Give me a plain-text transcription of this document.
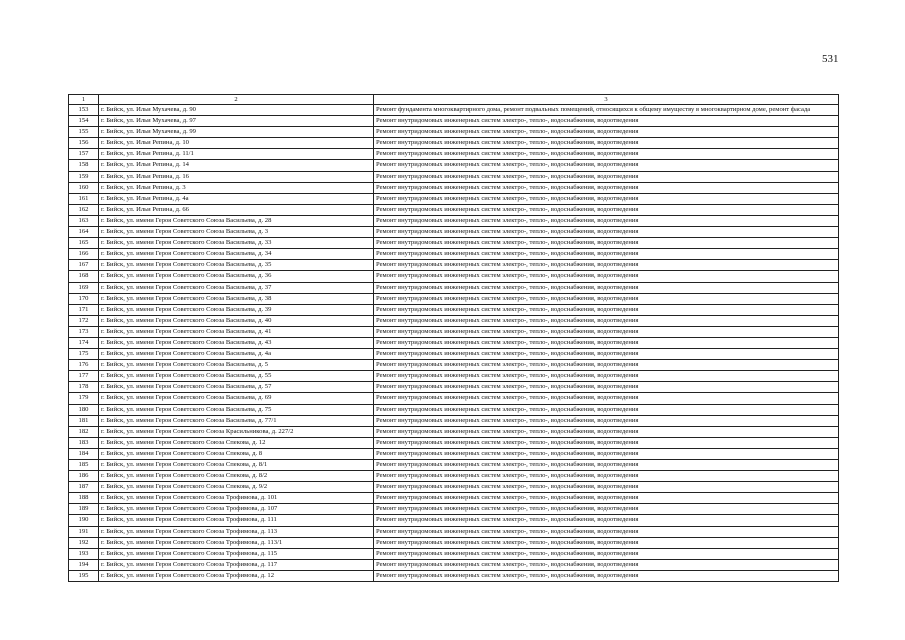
531
1	2	3
153	г. Бийск, ул. Ильи Мухачева, д. 90	Ремонт фундамента многоквартирного дома, ремонт подвальных помещений, относящихся к общему имуществу в многоквартирном доме, ремонт фасада
154	г. Бийск, ул. Ильи Мухачева, д. 97	Ремонт внутридомовых инженерных систем электро-, тепло-, водоснабжения, водоотведения
155	г. Бийск, ул. Ильи Мухачева, д. 99	Ремонт внутридомовых инженерных систем электро-, тепло-, водоснабжения, водоотведения
156	г. Бийск, ул. Ильи Репина, д. 10	Ремонт внутридомовых инженерных систем электро-, тепло-, водоснабжения, водоотведения
157	г. Бийск, ул. Ильи Репина, д. 11/1	Ремонт внутридомовых инженерных систем электро-, тепло-, водоснабжения, водоотведения
158	г. Бийск, ул. Ильи Репина, д. 14	Ремонт внутридомовых инженерных систем электро-, тепло-, водоснабжения, водоотведения
159	г. Бийск, ул. Ильи Репина, д. 16	Ремонт внутридомовых инженерных систем электро-, тепло-, водоснабжения, водоотведения
160	г. Бийск, ул. Ильи Репина, д. 3	Ремонт внутридомовых инженерных систем электро-, тепло-, водоснабжения, водоотведения
161	г. Бийск, ул. Ильи Репина, д. 4а	Ремонт внутридомовых инженерных систем электро-, тепло-, водоснабжения, водоотведения
162	г. Бийск, ул. Ильи Репина, д. 66	Ремонт внутридомовых инженерных систем электро-, тепло-, водоснабжения, водоотведения
163	г. Бийск, ул. имени Героя Советского Союза Васильева, д. 28	Ремонт внутридомовых инженерных систем электро-, тепло-, водоснабжения, водоотведения
164	г. Бийск, ул. имени Героя Советского Союза Васильева, д. 3	Ремонт внутридомовых инженерных систем электро-, тепло-, водоснабжения, водоотведения
165	г. Бийск, ул. имени Героя Советского Союза Васильева, д. 33	Ремонт внутридомовых инженерных систем электро-, тепло-, водоснабжения, водоотведения
166	г. Бийск, ул. имени Героя Советского Союза Васильева, д. 34	Ремонт внутридомовых инженерных систем электро-, тепло-, водоснабжения, водоотведения
167	г. Бийск, ул. имени Героя Советского Союза Васильева, д. 35	Ремонт внутридомовых инженерных систем электро-, тепло-, водоснабжения, водоотведения
168	г. Бийск, ул. имени Героя Советского Союза Васильева, д. 36	Ремонт внутридомовых инженерных систем электро-, тепло-, водоснабжения, водоотведения
169	г. Бийск, ул. имени Героя Советского Союза Васильева, д. 37	Ремонт внутридомовых инженерных систем электро-, тепло-, водоснабжения, водоотведения
170	г. Бийск, ул. имени Героя Советского Союза Васильева, д. 38	Ремонт внутридомовых инженерных систем электро-, тепло-, водоснабжения, водоотведения
171	г. Бийск, ул. имени Героя Советского Союза Васильева, д. 39	Ремонт внутридомовых инженерных систем электро-, тепло-, водоснабжения, водоотведения
172	г. Бийск, ул. имени Героя Советского Союза Васильева, д. 40	Ремонт внутридомовых инженерных систем электро-, тепло-, водоснабжения, водоотведения
173	г. Бийск, ул. имени Героя Советского Союза Васильева, д. 41	Ремонт внутридомовых инженерных систем электро-, тепло-, водоснабжения, водоотведения
174	г. Бийск, ул. имени Героя Советского Союза Васильева, д. 43	Ремонт внутридомовых инженерных систем электро-, тепло-, водоснабжения, водоотведения
175	г. Бийск, ул. имени Героя Советского Союза Васильева, д. 4а	Ремонт внутридомовых инженерных систем электро-, тепло-, водоснабжения, водоотведения
176	г. Бийск, ул. имени Героя Советского Союза Васильева, д. 5	Ремонт внутридомовых инженерных систем электро-, тепло-, водоснабжения, водоотведения
177	г. Бийск, ул. имени Героя Советского Союза Васильева, д. 55	Ремонт внутридомовых инженерных систем электро-, тепло-, водоснабжения, водоотведения
178	г. Бийск, ул. имени Героя Советского Союза Васильева, д. 57	Ремонт внутридомовых инженерных систем электро-, тепло-, водоснабжения, водоотведения
179	г. Бийск, ул. имени Героя Советского Союза Васильева, д. 69	Ремонт внутридомовых инженерных систем электро-, тепло-, водоснабжения, водоотведения
180	г. Бийск, ул. имени Героя Советского Союза Васильева, д. 75	Ремонт внутридомовых инженерных систем электро-, тепло-, водоснабжения, водоотведения
181	г. Бийск, ул. имени Героя Советского Союза Васильева, д. 77/1	Ремонт внутридомовых инженерных систем электро-, тепло-, водоснабжения, водоотведения
182	г. Бийск, ул. имени Героя Советского Союза Красильникова, д. 227/2	Ремонт внутридомовых инженерных систем электро-, тепло-, водоснабжения, водоотведения
183	г. Бийск, ул. имени Героя Советского Союза Спекова, д. 12	Ремонт внутридомовых инженерных систем электро-, тепло-, водоснабжения, водоотведения
184	г. Бийск, ул. имени Героя Советского Союза Спекова, д. 8	Ремонт внутридомовых инженерных систем электро-, тепло-, водоснабжения, водоотведения
185	г. Бийск, ул. имени Героя Советского Союза Спекова, д. 8/1	Ремонт внутридомовых инженерных систем электро-, тепло-, водоснабжения, водоотведения
186	г. Бийск, ул. имени Героя Советского Союза Спекова, д. 8/2	Ремонт внутридомовых инженерных систем электро-, тепло-, водоснабжения, водоотведения
187	г. Бийск, ул. имени Героя Советского Союза Спекова, д. 9/2	Ремонт внутридомовых инженерных систем электро-, тепло-, водоснабжения, водоотведения
188	г. Бийск, ул. имени Героя Советского Союза Трофимова, д. 101	Ремонт внутридомовых инженерных систем электро-, тепло-, водоснабжения, водоотведения
189	г. Бийск, ул. имени Героя Советского Союза Трофимова, д. 107	Ремонт внутридомовых инженерных систем электро-, тепло-, водоснабжения, водоотведения
190	г. Бийск, ул. имени Героя Советского Союза Трофимова, д. 111	Ремонт внутридомовых инженерных систем электро-, тепло-, водоснабжения, водоотведения
191	г. Бийск, ул. имени Героя Советского Союза Трофимова, д. 113	Ремонт внутридомовых инженерных систем электро-, тепло-, водоснабжения, водоотведения
192	г. Бийск, ул. имени Героя Советского Союза Трофимова, д. 113/1	Ремонт внутридомовых инженерных систем электро-, тепло-, водоснабжения, водоотведения
193	г. Бийск, ул. имени Героя Советского Союза Трофимова, д. 115	Ремонт внутридомовых инженерных систем электро-, тепло-, водоснабжения, водоотведения
194	г. Бийск, ул. имени Героя Советского Союза Трофимова, д. 117	Ремонт внутридомовых инженерных систем электро-, тепло-, водоснабжения, водоотведения
195	г. Бийск, ул. имени Героя Советского Союза Трофимова, д. 12	Ремонт внутридомовых инженерных систем электро-, тепло-, водоснабжения, водоотведения
